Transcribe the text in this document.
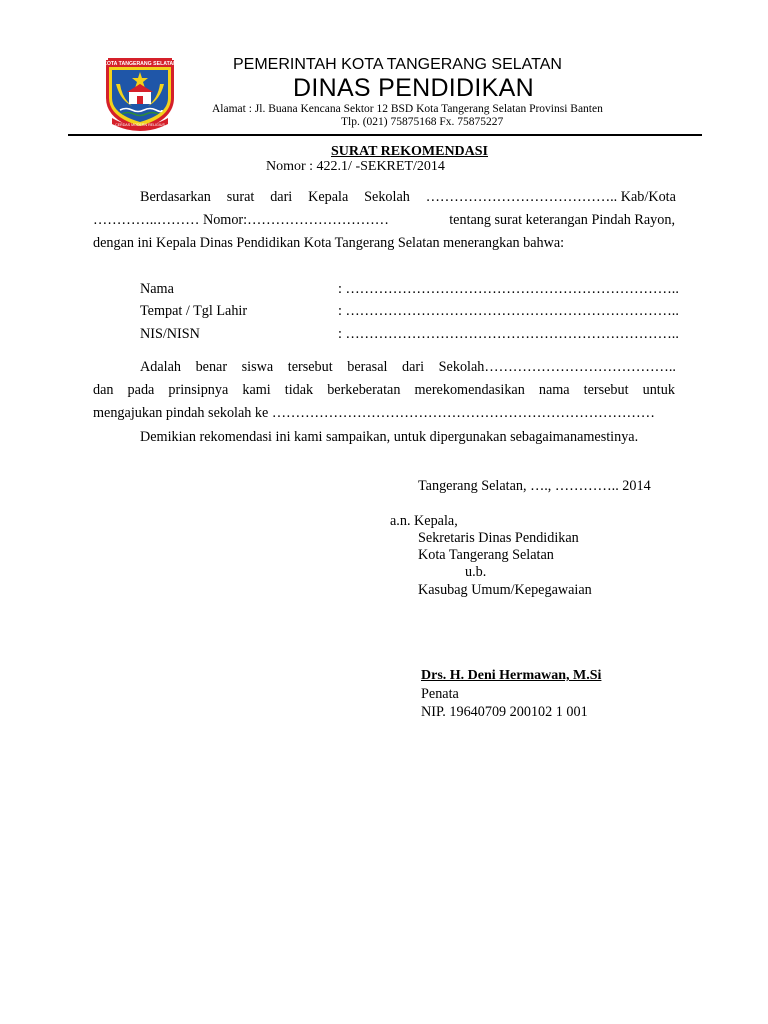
KOTA TANGERANG SELATAN
CERDAS MODERN RELIGIUS
PEMERINTAH KOTA TANGERANG SELATAN
DINAS PENDIDIKAN
Alamat : Jl. Buana Kencana Sektor 12 BSD Kota Tangerang Selatan Provinsi Banten
Tlp. (021) 75875168 Fx. 75875227
SURAT REKOMENDASI
Nomor : 422.1/ -SEKRET/2014
Berdasarkan surat dari Kepala Sekolah ………………………………….. Kab/Kota
…………..……… Nomor:…………………………	tentang surat keterangan Pindah Rayon,
dengan ini Kepala Dinas Pendidikan Kota Tangerang Selatan menerangkan bahwa:
Nama	: ……………………………………………………………..
Tempat / Tgl Lahir	: ……………………………………………………………..
NIS/NISN	: ……………………………………………………………..
Adalah benar siswa tersebut berasal dari Sekolah…………………………………..
dan pada prinsipnya kami tidak berkeberatan merekomendasikan nama tersebut untuk
mengajukan pindah sekolah ke ………………………………………………………………………
Demikian rekomendasi ini kami sampaikan, untuk dipergunakan sebagaimanamestinya.
Tangerang Selatan, …., ………….. 2014
a.n. Kepala,
Sekretaris Dinas Pendidikan
Kota Tangerang Selatan
u.b.
Kasubag Umum/Kepegawaian
Drs. H. Deni Hermawan, M.Si
Penata
NIP. 19640709 200102 1 001
